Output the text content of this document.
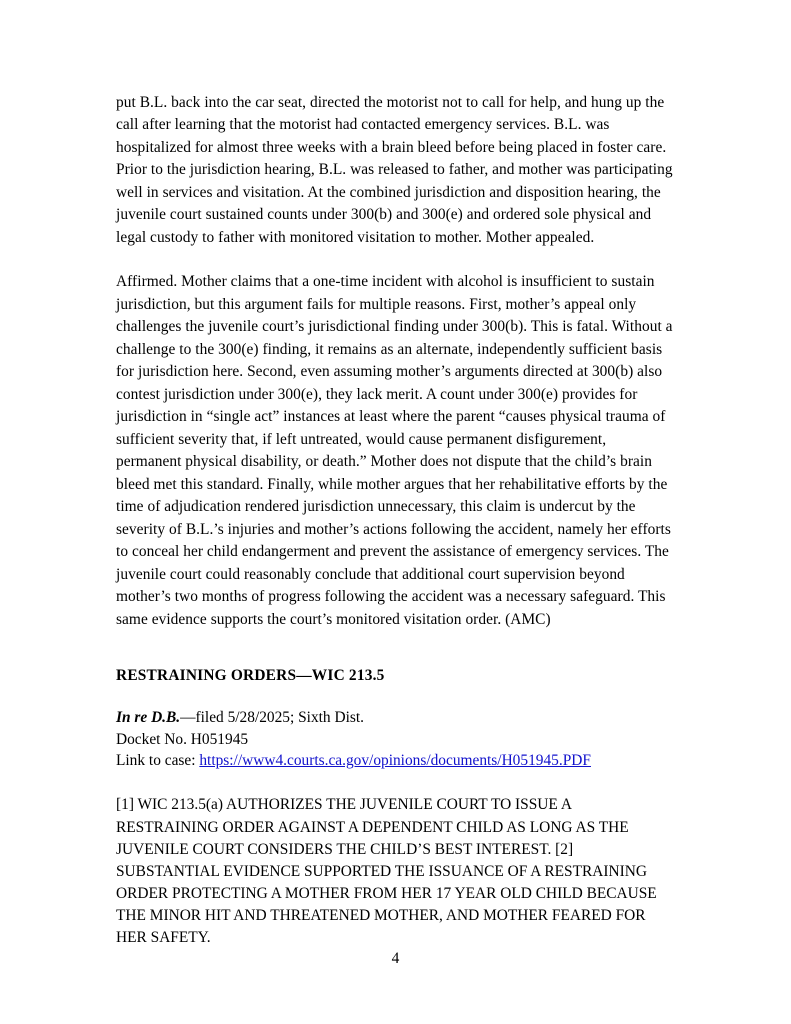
put B.L. back into the car seat, directed the motorist not to call for help, and hung up the call after learning that the motorist had contacted emergency services. B.L. was hospitalized for almost three weeks with a brain bleed before being placed in foster care. Prior to the jurisdiction hearing, B.L. was released to father, and mother was participating well in services and visitation. At the combined jurisdiction and disposition hearing, the juvenile court sustained counts under 300(b) and 300(e) and ordered sole physical and legal custody to father with monitored visitation to mother. Mother appealed.

Affirmed. Mother claims that a one-time incident with alcohol is insufficient to sustain jurisdiction, but this argument fails for multiple reasons. First, mother’s appeal only challenges the juvenile court’s jurisdictional finding under 300(b). This is fatal. Without a challenge to the 300(e) finding, it remains as an alternate, independently sufficient basis for jurisdiction here. Second, even assuming mother’s arguments directed at 300(b) also contest jurisdiction under 300(e), they lack merit. A count under 300(e) provides for jurisdiction in “single act” instances at least where the parent “causes physical trauma of sufficient severity that, if left untreated, would cause permanent disfigurement, permanent physical disability, or death.” Mother does not dispute that the child’s brain bleed met this standard. Finally, while mother argues that her rehabilitative efforts by the time of adjudication rendered jurisdiction unnecessary, this claim is undercut by the severity of B.L.’s injuries and mother’s actions following the accident, namely her efforts to conceal her child endangerment and prevent the assistance of emergency services. The juvenile court could reasonably conclude that additional court supervision beyond mother’s two months of progress following the accident was a necessary safeguard. This same evidence supports the court’s monitored visitation order. (AMC)

RESTRAINING ORDERS—WIC 213.5

In re D.B.—filed 5/28/2025; Sixth Dist.

Docket No. H051945

Link to case: https://www4.courts.ca.gov/opinions/documents/H051945.PDF

[1] WIC 213.5(a) AUTHORIZES THE JUVENILE COURT TO ISSUE A RESTRAINING ORDER AGAINST A DEPENDENT CHILD AS LONG AS THE JUVENILE COURT CONSIDERS THE CHILD’S BEST INTEREST. [2] SUBSTANTIAL EVIDENCE SUPPORTED THE ISSUANCE OF A RESTRAINING ORDER PROTECTING A MOTHER FROM HER 17 YEAR OLD CHILD BECAUSE THE MINOR HIT AND THREATENED MOTHER, AND MOTHER FEARED FOR HER SAFETY.

4
